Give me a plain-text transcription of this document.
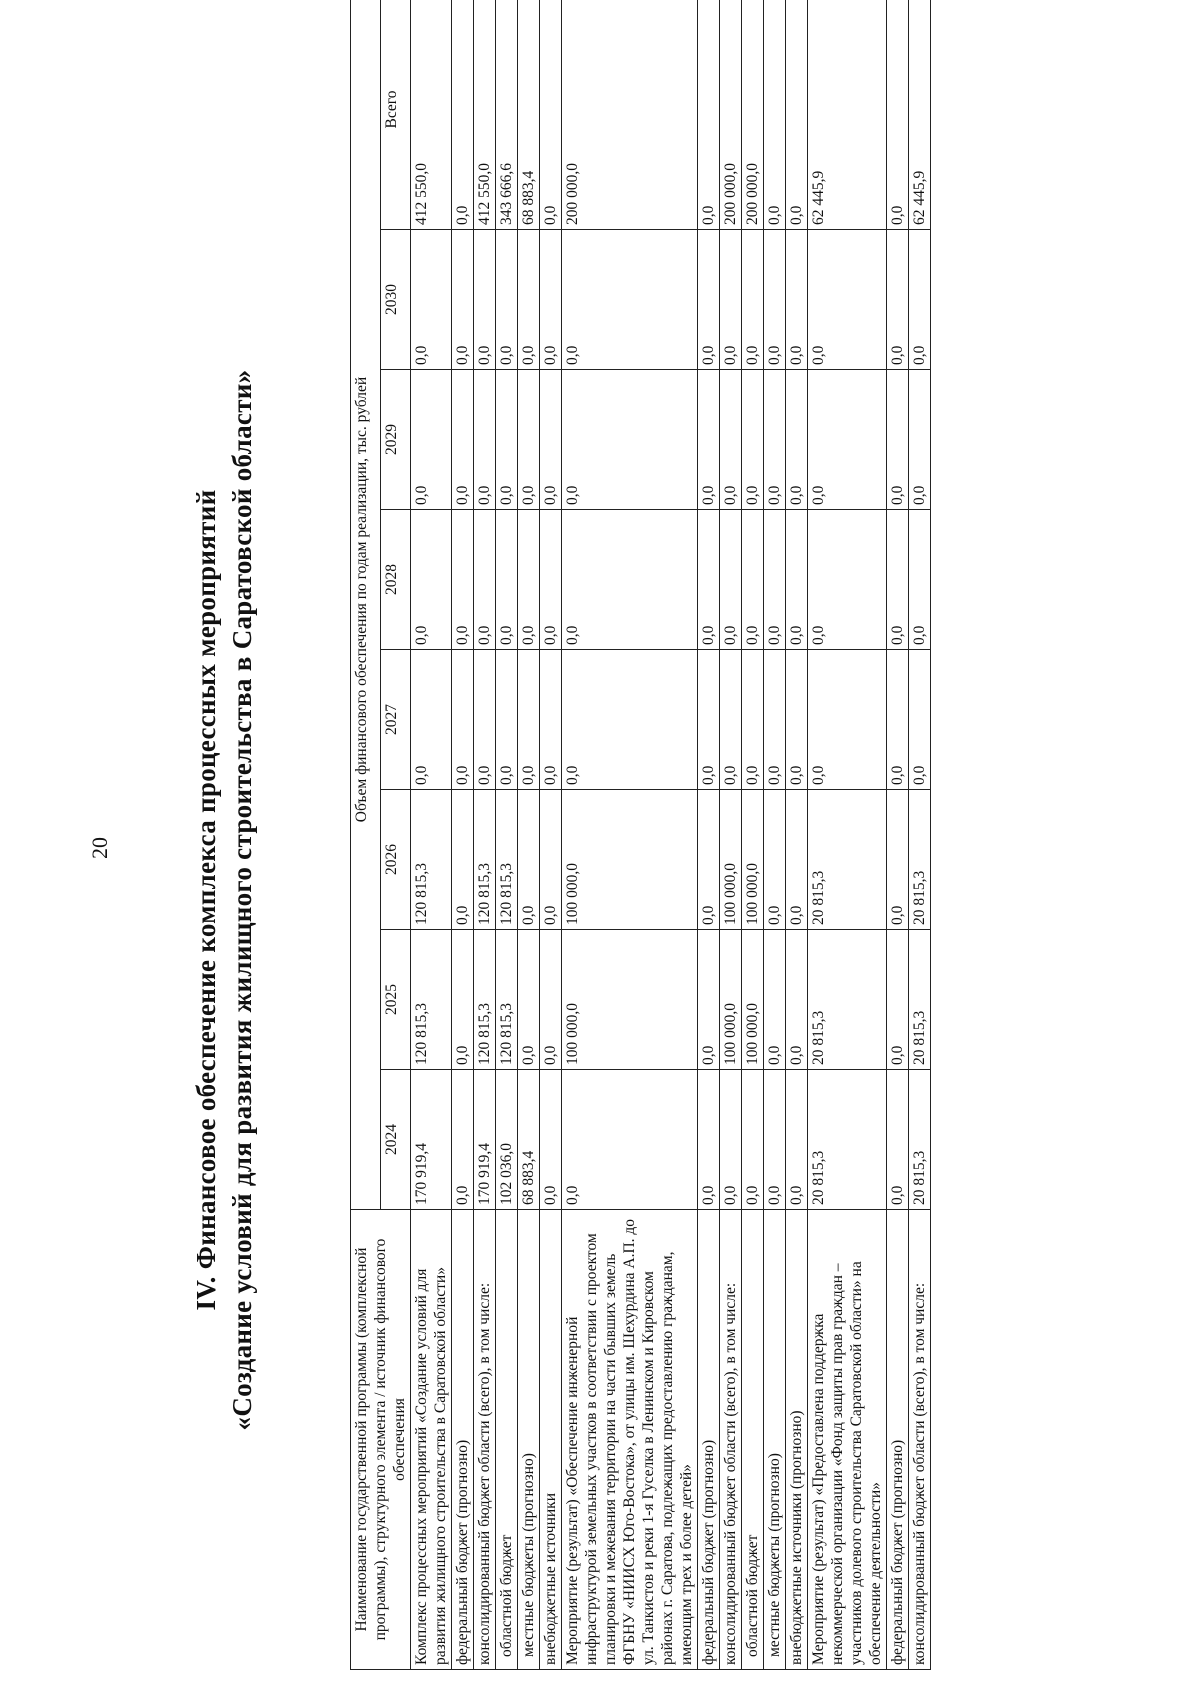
20	IV. Финансовое обеспечение комплекса процессных мероприятий «Создание условий для развития жилищного строительства в Саратовской области»
Наименование государственной программы (комплексной программы), структурного элемента / источник финансового обеспечения	Объем финансового обеспечения по годам реализации, тыс. рублей							
	2024	2025	2026	2027	2028	2029	2030	Всего
Комплекс процессных мероприятий «Создание условий для развития жилищного строительства в Саратовской области»	170 919,4	120 815,3	120 815,3	0,0	0,0	0,0	0,0	412 550,0
федеральный бюджет (прогнозно)	0,0	0,0	0,0	0,0	0,0	0,0	0,0	0,0
консолидированный бюджет области (всего), в том числе:	170 919,4	120 815,3	120 815,3	0,0	0,0	0,0	0,0	412 550,0
областной бюджет	102 036,0	120 815,3	120 815,3	0,0	0,0	0,0	0,0	343 666,6
местные бюджеты (прогнозно)	68 883,4	0,0	0,0	0,0	0,0	0,0	0,0	68 883,4
внебюджетные источники	0,0	0,0	0,0	0,0	0,0	0,0	0,0	0,0
Мероприятие (результат) «Обеспечение инженерной инфраструктурой земельных участков в соответствии с проектом планировки и межевания территории на части бывших земель ФГБНУ «НИИСХ Юго-Востока», от улицы им. Шехурдина А.П. до ул. Танкистов и реки 1-я Гуселка в Ленинском и Кировском районах г. Саратова, подлежащих предоставлению гражданам, имеющим трех и более детей»	0,0	100 000,0	100 000,0	0,0	0,0	0,0	0,0	200 000,0
федеральный бюджет (прогнозно)	0,0	0,0	0,0	0,0	0,0	0,0	0,0	0,0
консолидированный бюджет области (всего), в том числе:	0,0	100 000,0	100 000,0	0,0	0,0	0,0	0,0	200 000,0
областной бюджет	0,0	100 000,0	100 000,0	0,0	0,0	0,0	0,0	200 000,0
местные бюджеты (прогнозно)	0,0	0,0	0,0	0,0	0,0	0,0	0,0	0,0
внебюджетные источники (прогнозно)	0,0	0,0	0,0	0,0	0,0	0,0	0,0	0,0
Мероприятие (результат) «Предоставлена поддержка некоммерческой организации «Фонд защиты прав граждан – участников долевого строительства Саратовской области» на обеспечение деятельности»	20 815,3	20 815,3	20 815,3	0,0	0,0	0,0	0,0	62 445,9
федеральный бюджет (прогнозно)	0,0	0,0	0,0	0,0	0,0	0,0	0,0	0,0
консолидированный бюджет области (всего), в том числе:	20 815,3	20 815,3	20 815,3	0,0	0,0	0,0	0,0	62 445,9
